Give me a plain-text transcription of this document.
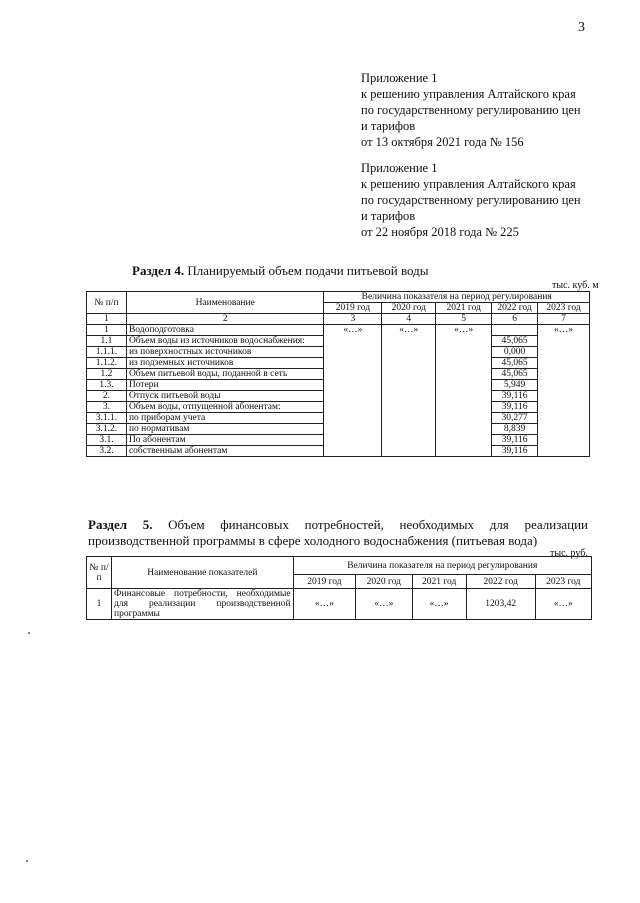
3
Приложение 1
к решению управления Алтайского края
по государственному регулированию цен
и тарифов
от 13 октября 2021 года № 156
Приложение 1
к решению управления Алтайского края
по государственному регулированию цен
и тарифов
от 22 ноября 2018 года № 225
Раздел 4. Планируемый объем подачи питьевой воды
тыс. куб. м
№ п/п	Наименование	Величина показателя на период регулирования				
		2019 год	2020 год	2021 год	2022 год	2023 год
1	2	3	4	5	6	7
1	Водоподготовка	«…»	«…»	«…»		«…»
1.1	Объем воды из источников водоснабжения:				45,065	
1.1.1.	из поверхностных источников				0,000	
1.1.2.	из подземных источников				45,065	
1.2	Объем питьевой воды, поданной в сеть				45,065	
1.3.	Потери				5,949	
2.	Отпуск питьевой воды				39,116	
3.	Объем воды, отпущенной абонентам:				39,116	
3.1.1.	по приборам учета				30,277	
3.1.2.	по нормативам				8,839	
3.1.	По абонентам				39,116	
3.2.	собственным абонентам				39,116	
Раздел 5. Объем финансовых потребностей, необходимых для реализации производственной программы в сфере холодного водоснабжения (питьевая вода)
тыс. руб.
№ п/п	Наименование показателей	Величина показателя на период регулирования				
		2019 год	2020 год	2021 год	2022 год	2023 год
1	Финансовые потребности, необходимые для реализации производственной программы	«…»	«…»	«…»	1203,42	«…»
